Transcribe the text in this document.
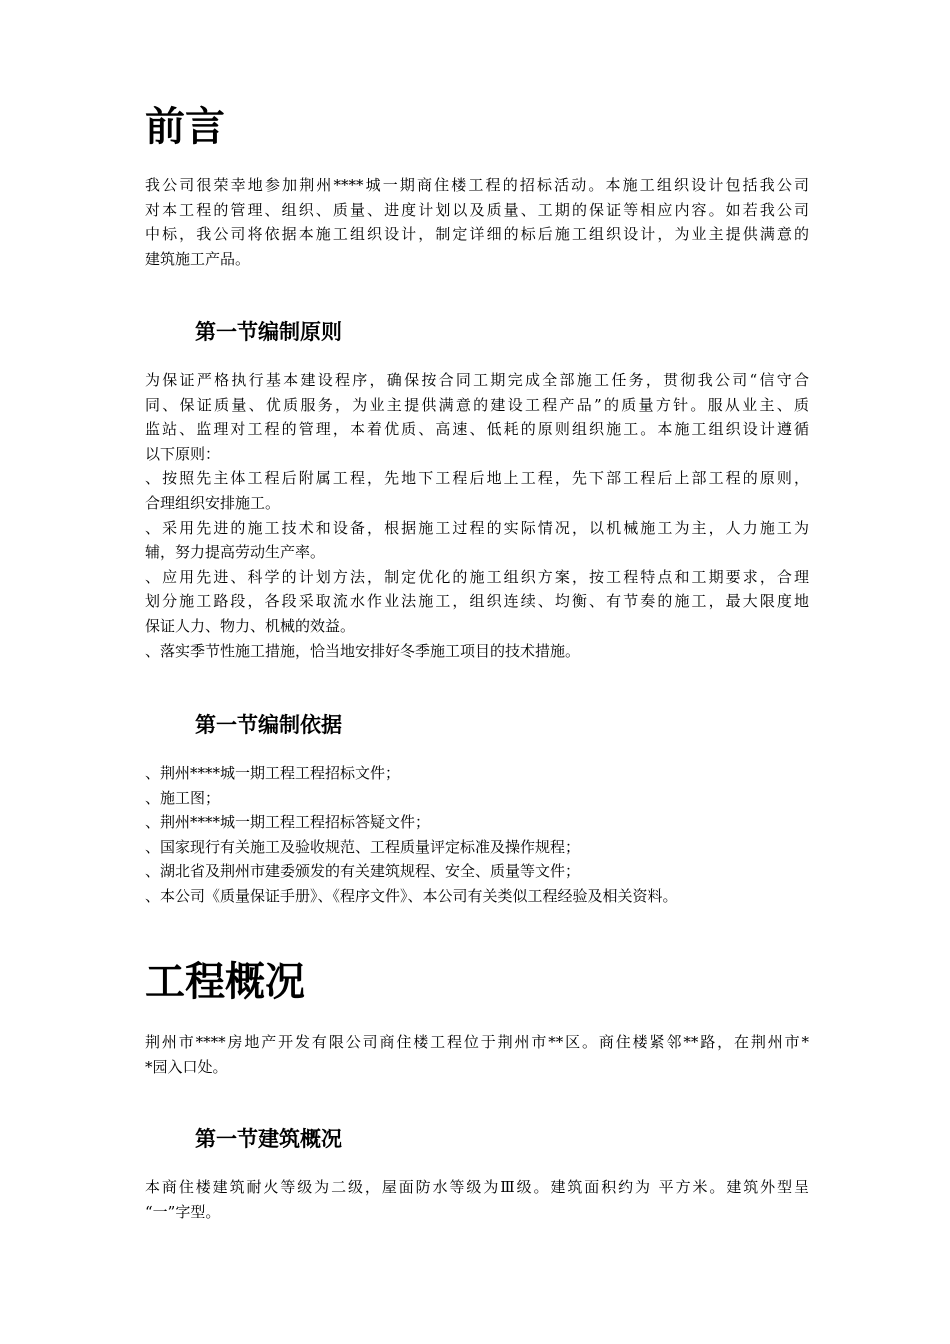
前言

我公司很荣幸地参加荆州****城一期商住楼工程的招标活动。本施工组织设计包括我公司
对本工程的管理、组织、质量、进度计划以及质量、工期的保证等相应内容。如若我公司
中标，我公司将依据本施工组织设计，制定详细的标后施工组织设计，为业主提供满意的
建筑施工产品。

第一节编制原则

为保证严格执行基本建设程序，确保按合同工期完成全部施工任务，贯彻我公司“信守合
同、保证质量、优质服务，为业主提供满意的建设工程产品”的质量方针。服从业主、质
监站、监理对工程的管理，本着优质、高速、低耗的原则组织施工。本施工组织设计遵循
以下原则：
、按照先主体工程后附属工程，先地下工程后地上工程，先下部工程后上部工程的原则，
合理组织安排施工。
、采用先进的施工技术和设备，根据施工过程的实际情况，以机械施工为主，人力施工为
辅，努力提高劳动生产率。
、应用先进、科学的计划方法，制定优化的施工组织方案，按工程特点和工期要求，合理
划分施工路段，各段采取流水作业法施工，组织连续、均衡、有节奏的施工，最大限度地
保证人力、物力、机械的效益。
、落实季节性施工措施，恰当地安排好冬季施工项目的技术措施。

第一节编制依据

、荆州****城一期工程工程招标文件；
、施工图；
、荆州****城一期工程工程招标答疑文件；
、国家现行有关施工及验收规范、工程质量评定标准及操作规程；
、湖北省及荆州市建委颁发的有关建筑规程、安全、质量等文件；
、本公司《质量保证手册》、《程序文件》、本公司有关类似工程经验及相关资料。

工程概况

荆州市****房地产开发有限公司商住楼工程位于荆州市**区。商住楼紧邻**路，在荆州市*
*园入口处。

第一节建筑概况

本商住楼建筑耐火等级为二级，屋面防水等级为Ⅲ级。建筑面积约为 平方米。建筑外型呈
“一”字型。
